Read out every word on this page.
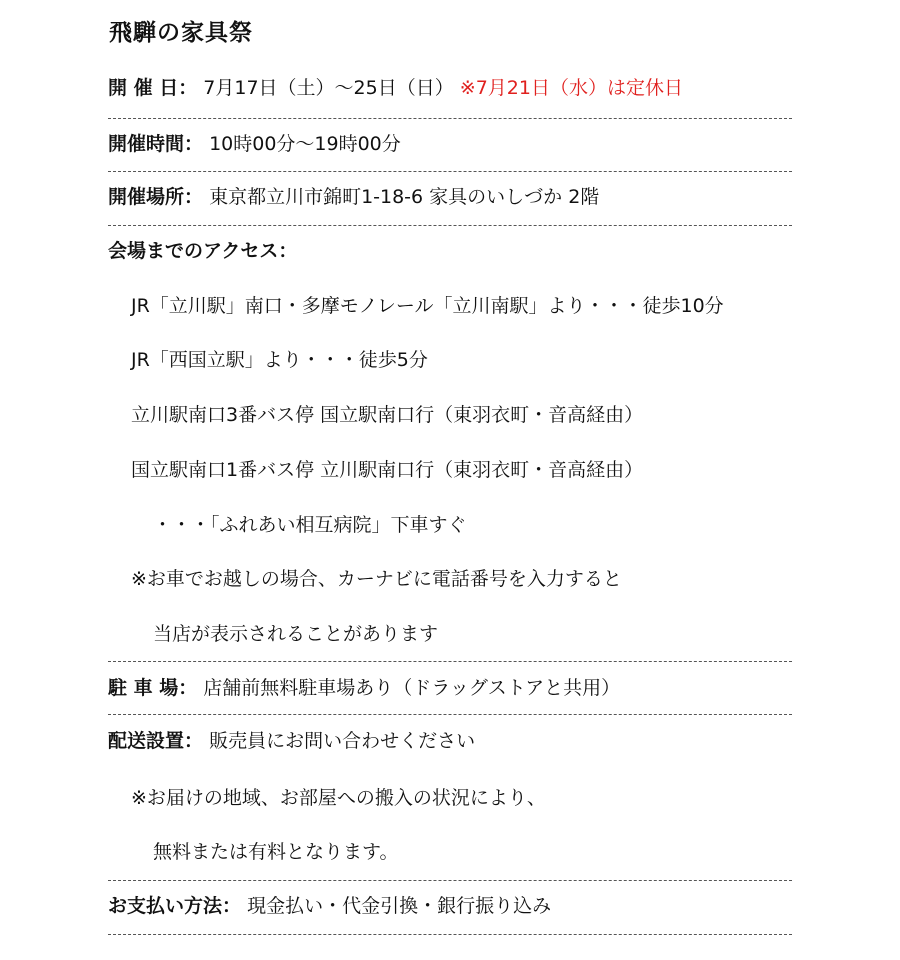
飛騨の家具祭
開 催 日： 7月17日（土）～25日（日） ※7月21日（水）は定休日
開催時間： 10時00分～19時00分
開催場所： 東京都立川市錦町1-18-6 家具のいしづか 2階
会場までのアクセス：
JR「立川駅」南口・多摩モノレール「立川南駅」より・・・徒歩10分
JR「西国立駅」より・・・徒歩5分
立川駅南口3番バス停 国立駅南口行（東羽衣町・音高経由）
国立駅南口1番バス停 立川駅南口行（東羽衣町・音高経由）
・・・「ふれあい相互病院」下車すぐ
※お車でお越しの場合、カーナビに電話番号を入力すると
当店が表示されることがあります
駐 車 場： 店舗前無料駐車場あり（ドラッグストアと共用）
配送設置： 販売員にお問い合わせください
※お届けの地域、お部屋への搬入の状況により、
無料または有料となります。
お支払い方法： 現金払い・代金引換・銀行振り込み
